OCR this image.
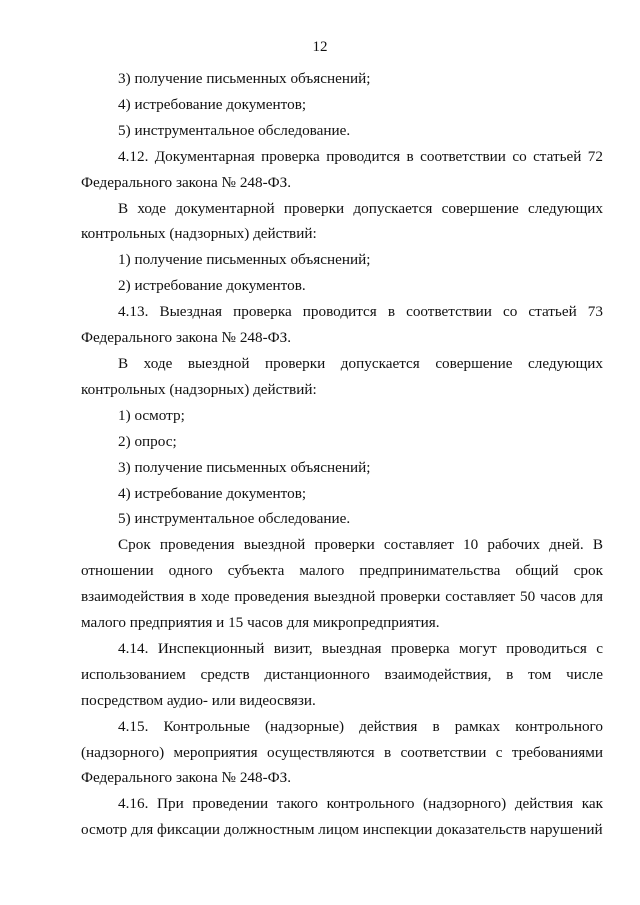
12

3) получение письменных объяснений;

4) истребование документов;

5) инструментальное обследование.

4.12. Документарная проверка проводится в соответствии со статьей 72 Федерального закона № 248-ФЗ.

В ходе документарной проверки допускается совершение следующих контрольных (надзорных) действий:

1) получение письменных объяснений;

2) истребование документов.

4.13. Выездная проверка проводится в соответствии со статьей 73 Федерального закона № 248-ФЗ.

В ходе выездной проверки допускается совершение следующих контрольных (надзорных) действий:

1) осмотр;

2) опрос;

3) получение письменных объяснений;

4) истребование документов;

5) инструментальное обследование.

Срок проведения выездной проверки составляет 10 рабочих дней. В отношении одного субъекта малого предпринимательства общий срок взаимодействия в ходе проведения выездной проверки составляет 50 часов для малого предприятия и 15 часов для микропредприятия.

4.14. Инспекционный визит, выездная проверка могут проводиться с использованием средств дистанционного взаимодействия, в том числе посредством аудио- или видеосвязи.

4.15. Контрольные (надзорные) действия в рамках контрольного (надзорного) мероприятия осуществляются в соответствии с требованиями Федерального закона № 248-ФЗ.

4.16. При проведении такого контрольного (надзорного) действия как осмотр для фиксации должностным лицом инспекции доказательств нарушений
